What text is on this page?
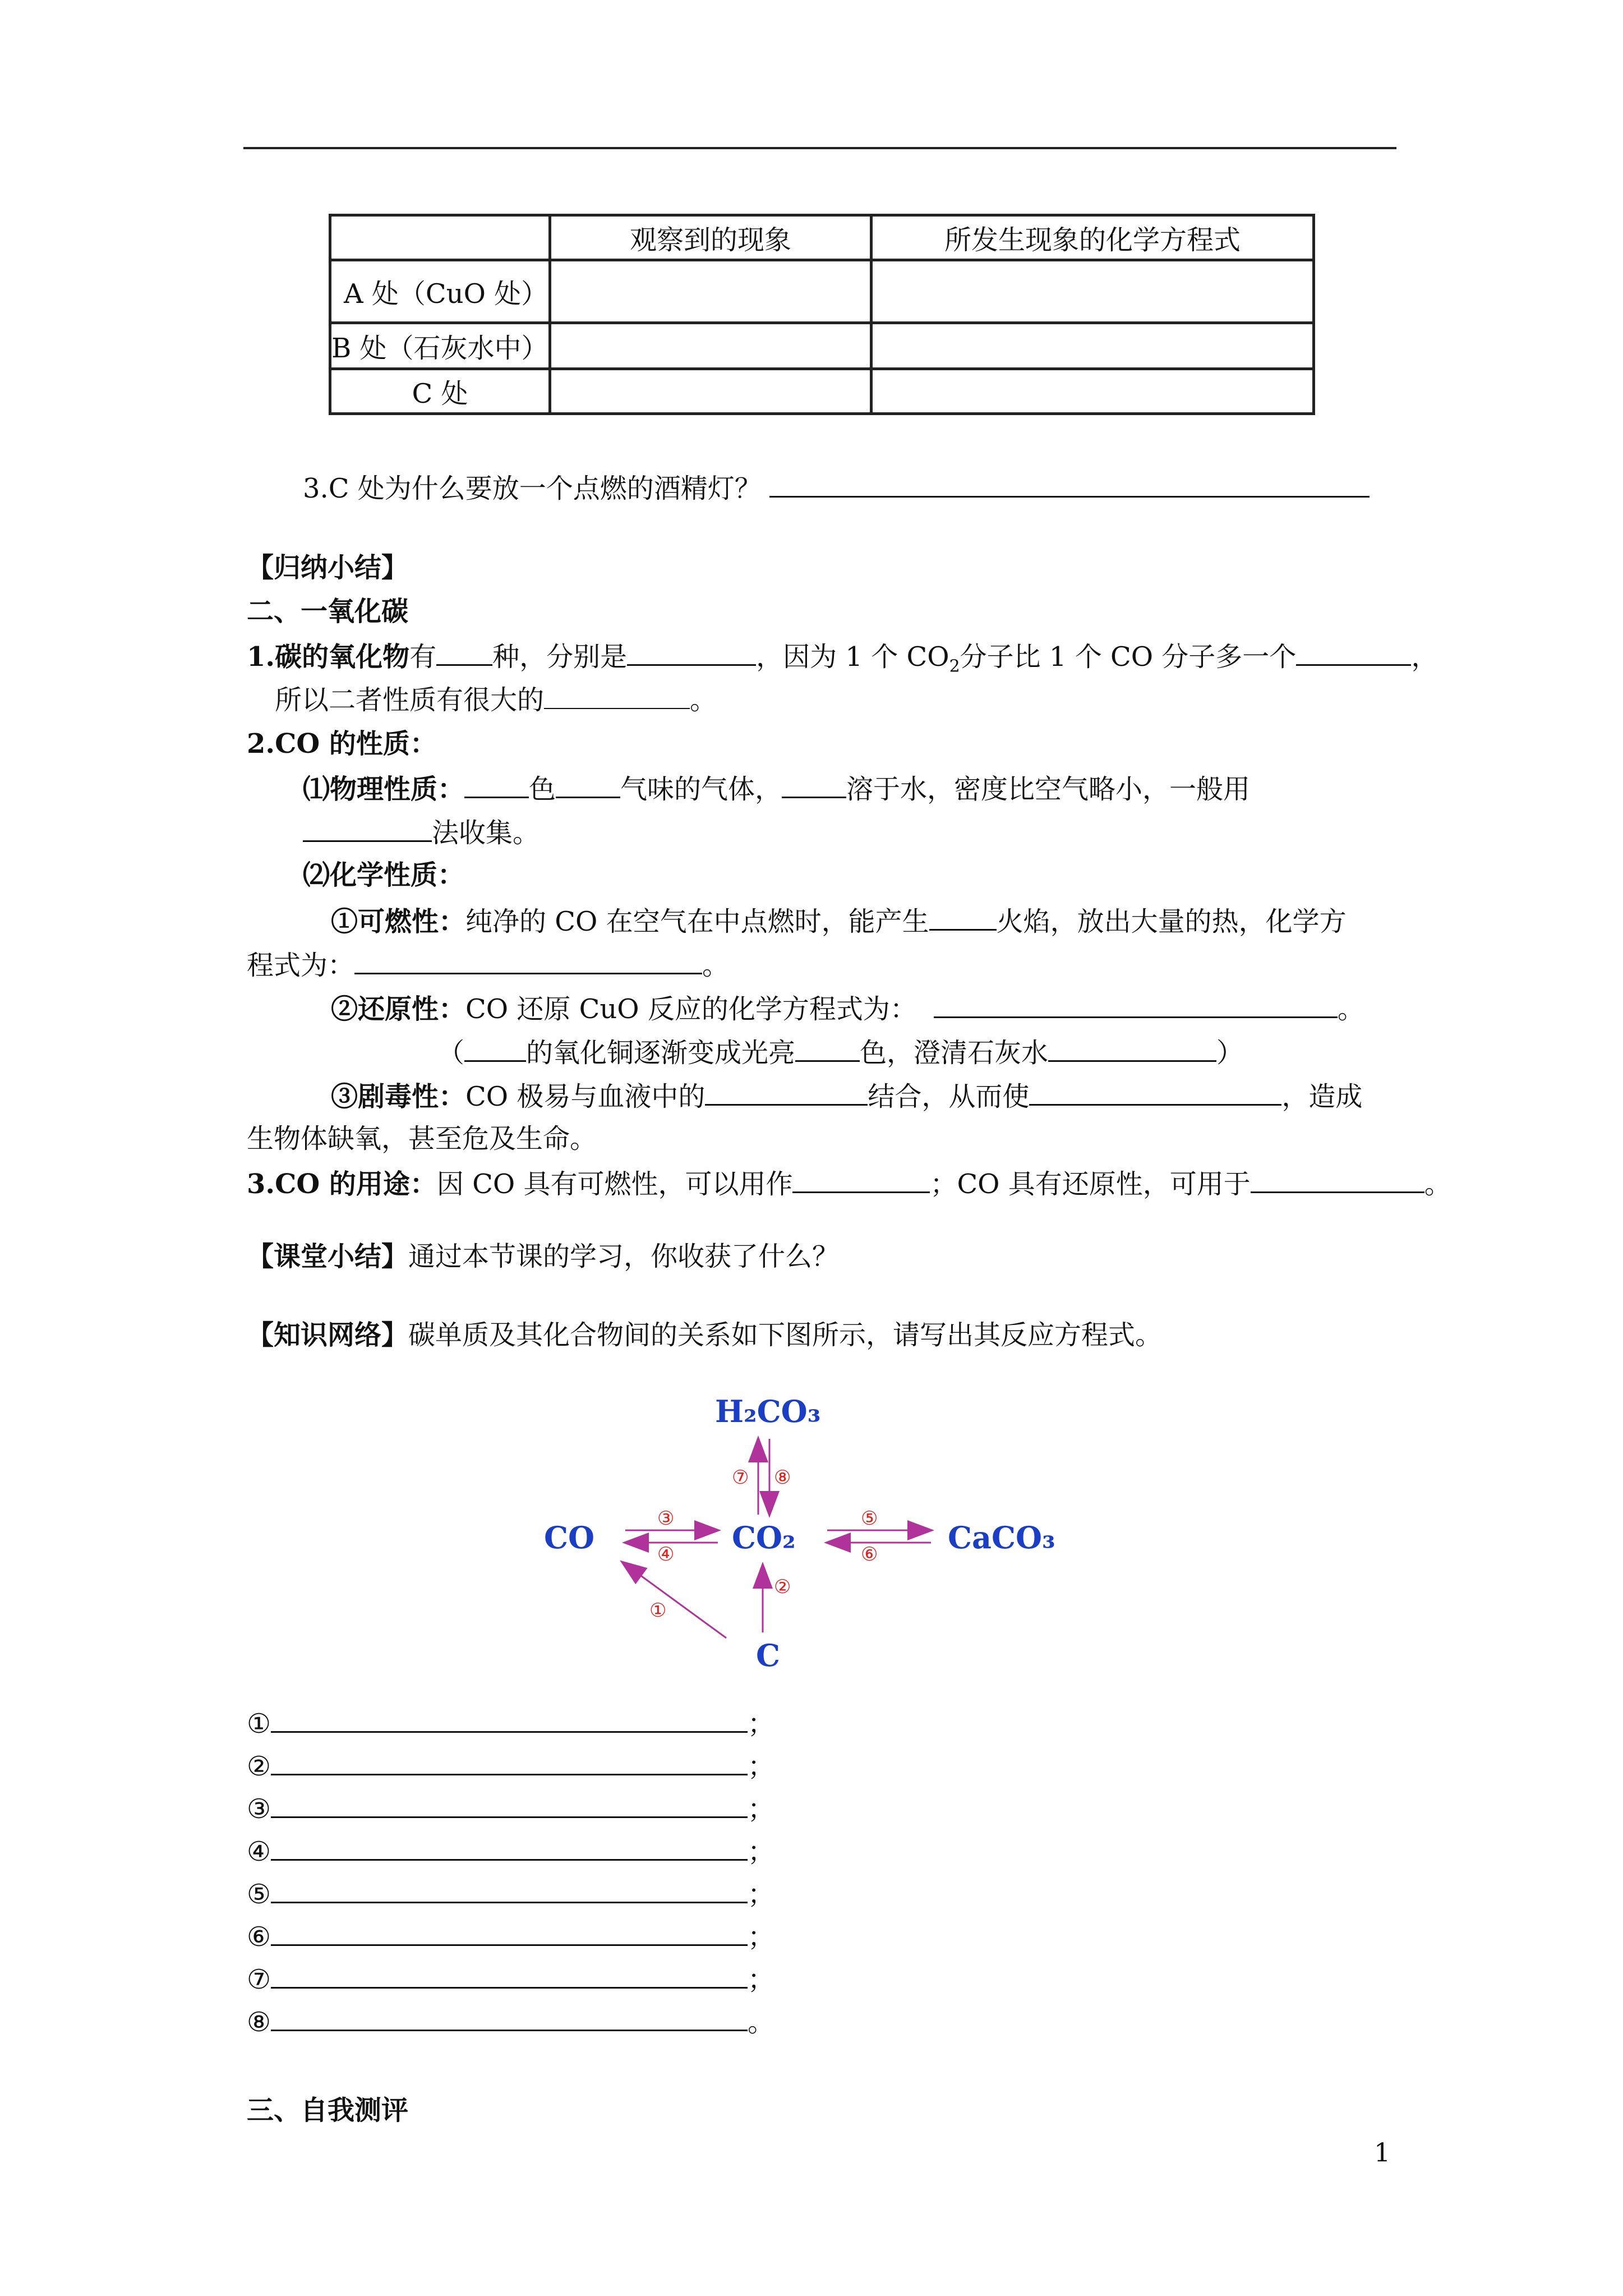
	观察到的现象	所发生现象的化学方程式
A 处（CuO 处）		
B 处（石灰水中）		
C 处		
3.C 处为什么要放一个点燃的酒精灯？
【归纳小结】
二、一氧化碳
1.碳的氧化物有 种，分别是	，因为 1 个 $CO_2$分子比 1 个 CO 分子多一个	，
所以二者性质有很大的	。
2.CO 的性质：
⑴物理性质： 色 气味的气体， 溶于水，密度比空气略小，一般用
法收集。
⑵化学性质：
①可燃性：纯净的 CO 在空气在中点燃时，能产生	火焰，放出大量的热，化学方
程式为：	。
②还原性：CO 还原 CuO 反应的化学方程式为：	。
（ 的氧化铜逐渐变成光亮 色，澄清石灰水	）
③剧毒性：CO 极易与血液中的	结合，从而使	，造成
生物体缺氧，甚至危及生命。
3.CO 的用途：因 CO 具有可燃性，可以用作	；CO 具有还原性，可用于	。
【课堂小结】通过本节课的学习，你收获了什么？
【知识网络】碳单质及其化合物间的关系如下图所示，请写出其反应方程式。
H₂CO₃
CO	CO₂	CaCO₃
C
⑦ ⑧
③
④
⑤
⑥
①
②
①	；
②	；
③	；
④	；
⑤	；
⑥	；
⑦	；
⑧	。
三、自我测评
1
